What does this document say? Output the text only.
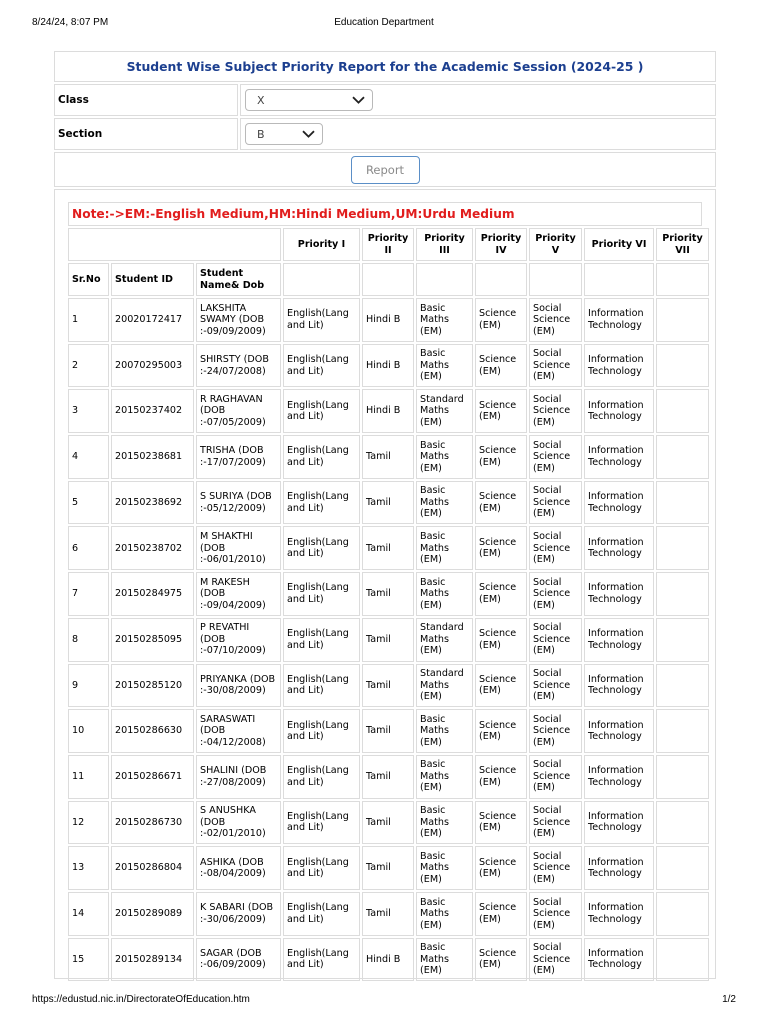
8/24/24, 8:07 PM	Education Department
Student Wise Subject Priority Report for the Academic Session (2024-25 )
Class	X
Section	B
Report
Note:->EM:-English Medium,HM:Hindi Medium,UM:Urdu Medium
			Priority I	Priority II	Priority III	Priority IV	Priority V	Priority VI	Priority VII
Sr.No	Student ID	Student Name& Dob							
1	20020172417	LAKSHITA SWAMY (DOB :-09/09/2009)	English(Lang and Lit)	Hindi B	Basic Maths (EM)	Science (EM)	Social Science (EM)	Information Technology	
2	20070295003	SHIRSTY (DOB :-24/07/2008)	English(Lang and Lit)	Hindi B	Basic Maths (EM)	Science (EM)	Social Science (EM)	Information Technology	
3	20150237402	R RAGHAVAN (DOB :-07/05/2009)	English(Lang and Lit)	Hindi B	Standard Maths (EM)	Science (EM)	Social Science (EM)	Information Technology	
4	20150238681	TRISHA (DOB :-17/07/2009)	English(Lang and Lit)	Tamil	Basic Maths (EM)	Science (EM)	Social Science (EM)	Information Technology	
5	20150238692	S SURIYA (DOB :-05/12/2009)	English(Lang and Lit)	Tamil	Basic Maths (EM)	Science (EM)	Social Science (EM)	Information Technology	
6	20150238702	M SHAKTHI (DOB :-06/01/2010)	English(Lang and Lit)	Tamil	Basic Maths (EM)	Science (EM)	Social Science (EM)	Information Technology	
7	20150284975	M RAKESH (DOB :-09/04/2009)	English(Lang and Lit)	Tamil	Basic Maths (EM)	Science (EM)	Social Science (EM)	Information Technology	
8	20150285095	P REVATHI (DOB :-07/10/2009)	English(Lang and Lit)	Tamil	Standard Maths (EM)	Science (EM)	Social Science (EM)	Information Technology	
9	20150285120	PRIYANKA (DOB :-30/08/2009)	English(Lang and Lit)	Tamil	Standard Maths (EM)	Science (EM)	Social Science (EM)	Information Technology	
10	20150286630	SARASWATI (DOB :-04/12/2008)	English(Lang and Lit)	Tamil	Basic Maths (EM)	Science (EM)	Social Science (EM)	Information Technology	
11	20150286671	SHALINI (DOB :-27/08/2009)	English(Lang and Lit)	Tamil	Basic Maths (EM)	Science (EM)	Social Science (EM)	Information Technology	
12	20150286730	S ANUSHKA (DOB :-02/01/2010)	English(Lang and Lit)	Tamil	Basic Maths (EM)	Science (EM)	Social Science (EM)	Information Technology	
13	20150286804	ASHIKA (DOB :-08/04/2009)	English(Lang and Lit)	Tamil	Basic Maths (EM)	Science (EM)	Social Science (EM)	Information Technology	
14	20150289089	K SABARI (DOB :-30/06/2009)	English(Lang and Lit)	Tamil	Basic Maths (EM)	Science (EM)	Social Science (EM)	Information Technology	
15	20150289134	SAGAR (DOB :-06/09/2009)	English(Lang and Lit)	Hindi B	Basic Maths (EM)	Science (EM)	Social Science (EM)	Information Technology	
https://edustud.nic.in/DirectorateOfEducation.htm	1/2
